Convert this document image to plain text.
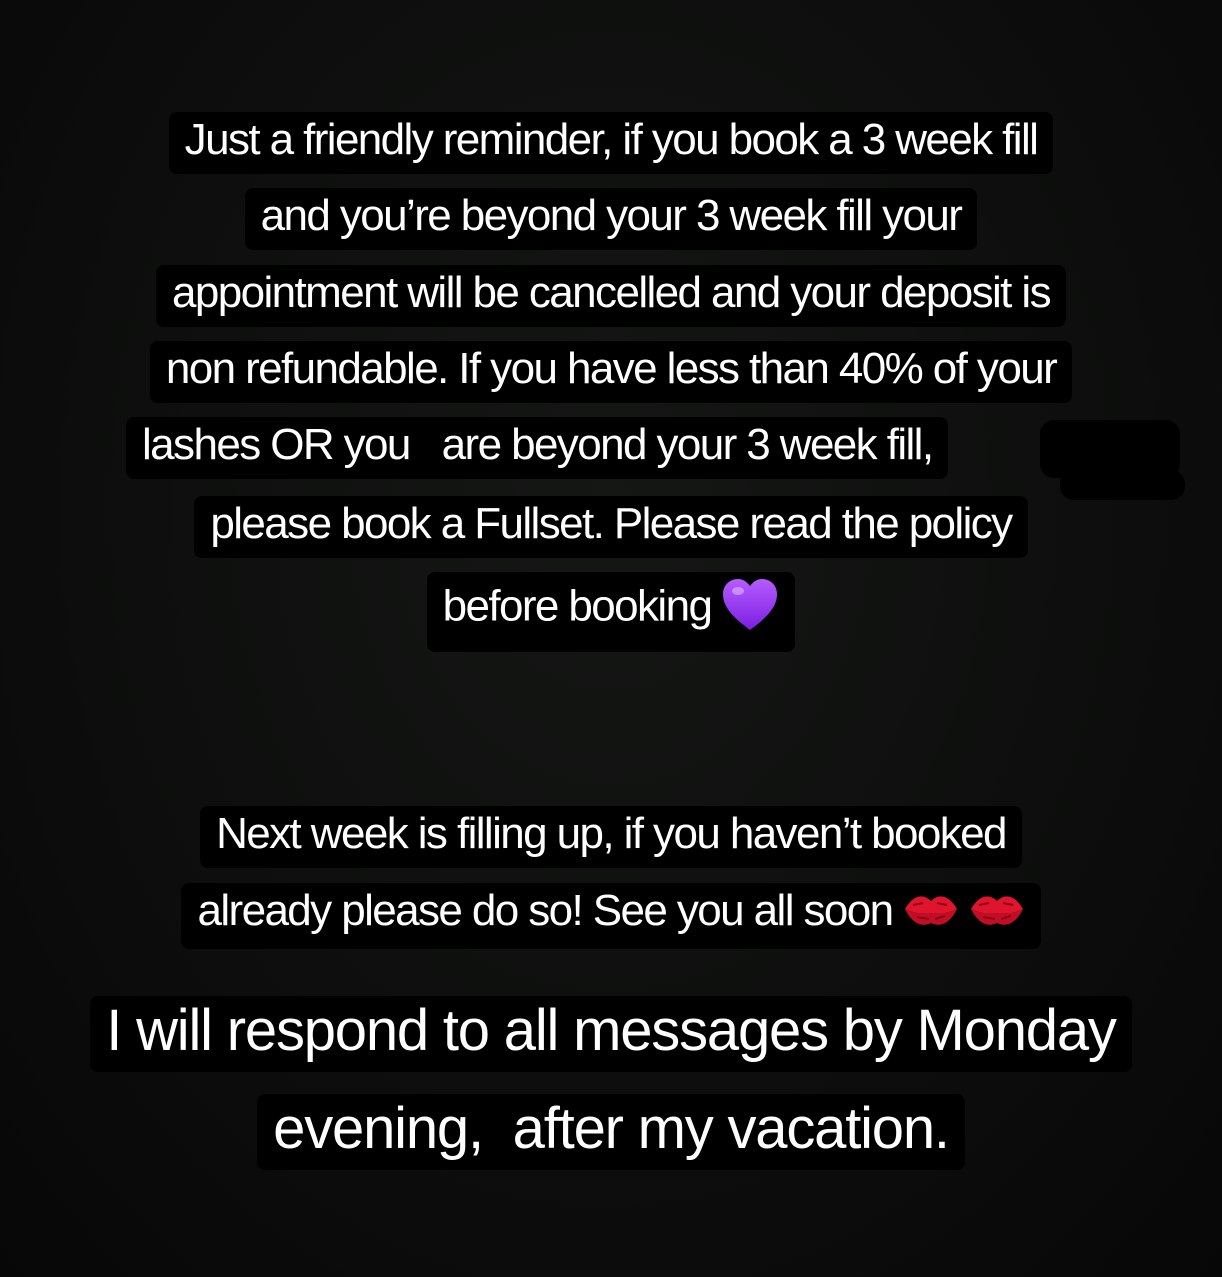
Just a friendly reminder, if you book a 3 week fill
and you’re beyond your 3 week fill your
appointment will be cancelled and your deposit is
non refundable. If you have less than 40% of your
lashes OR you   are beyond your 3 week fill,
please book a Fullset. Please read the policy
before booking
Next week is filling up, if you haven’t booked
already please do so! See you all soon
I will respond to all messages by Monday
evening,  after my vacation.
